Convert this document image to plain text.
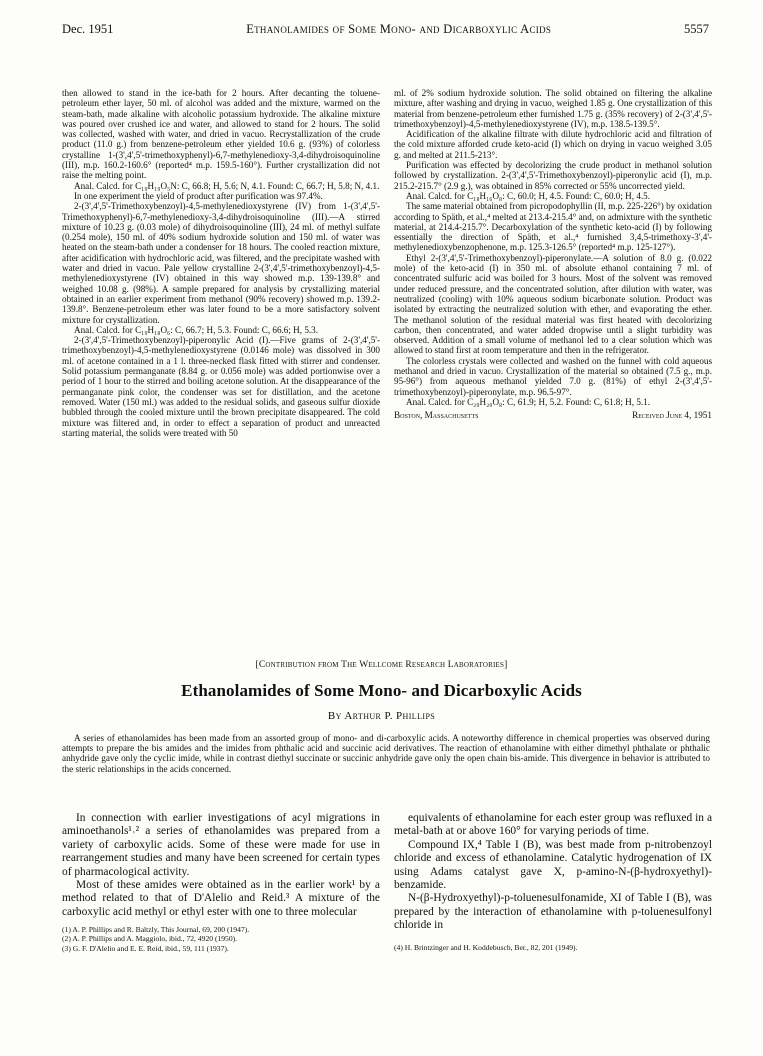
Dec. 1951	Ethanolamides of Some Mono- and Dicarboxylic Acids	5557

then allowed to stand in the ice-bath for 2 hours. After decanting the toluene-petroleum ether layer, 50 ml. of alcohol was added and the mixture, warmed on the steam-bath, made alkaline with alcoholic potassium hydroxide. The alkaline mixture was poured over crushed ice and water, and allowed to stand for 2 hours. The solid was collected, washed with water, and dried in vacuo. Recrystallization of the crude product (11.0 g.) from benzene-petroleum ether yielded 10.6 g. (93%) of colorless crystalline 1-(3',4',5'-trimethoxyphenyl)-6,7-methylenedioxy-3,4-dihydroisoquinoline (III), m.p. 160.2-160.6° (reported⁴ m.p. 159.5-160°). Further crystallization did not raise the melting point.

Anal. Calcd. for C₁₉H₁₉O₅N: C, 66.8; H, 5.6; N, 4.1. Found: C, 66.7; H, 5.8; N, 4.1.

In one experiment the yield of product after purification was 97.4%.

2-(3',4',5'-Trimethoxybenzoyl)-4,5-methylenedioxystyrene (IV) from 1-(3',4',5'-Trimethoxyphenyl)-6,7-methylenedioxy-3,4-dihydroisoquinoline (III).—A stirred mixture of 10.23 g. (0.03 mole) of dihydroisoquinoline (III), 24 ml. of methyl sulfate (0.254 mole), 150 ml. of 40% sodium hydroxide solution and 150 ml. of water was heated on the steam-bath under a condenser for 18 hours. The cooled reaction mixture, after acidification with hydrochloric acid, was filtered, and the precipitate washed with water and dried in vacuo. Pale yellow crystalline 2-(3',4',5'-trimethoxybenzoyl)-4,5-methylenedioxystyrene (IV) obtained in this way showed m.p. 139-139.8° and weighed 10.08 g. (98%). A sample prepared for analysis by crystallizing material obtained in an earlier experiment from methanol (90% recovery) showed m.p. 139.2-139.8°. Benzene-petroleum ether was later found to be a more satisfactory solvent mixture for crystallization.

Anal. Calcd. for C₁₉H₁₈O₆: C, 66.7; H, 5.3. Found: C, 66.6; H, 5.3.

2-(3',4',5'-Trimethoxybenzoyl)-piperonylic Acid (I).—Five grams of 2-(3',4',5'-trimethoxybenzoyl)-4,5-methylenedioxystyrene (0.0146 mole) was dissolved in 300 ml. of acetone contained in a 1 l. three-necked flask fitted with stirrer and condenser. Solid potassium permanganate (8.84 g. or 0.056 mole) was added portionwise over a period of 1 hour to the stirred and boiling acetone solution. At the disappearance of the permanganate pink color, the condenser was set for distillation, and the acetone removed. Water (150 ml.) was added to the residual solids, and gaseous sulfur dioxide bubbled through the cooled mixture until the brown precipitate disappeared. The cold mixture was filtered and, in order to effect a separation of product and unreacted starting material, the solids were treated with 50

ml. of 2% sodium hydroxide solution. The solid obtained on filtering the alkaline mixture, after washing and drying in vacuo, weighed 1.85 g. One crystallization of this material from benzene-petroleum ether furnished 1.75 g. (35% recovery) of 2-(3',4',5'-trimethoxybenzoyl)-4,5-methylenedioxystyrene (IV), m.p. 138.5-139.5°.

Acidification of the alkaline filtrate with dilute hydrochloric acid and filtration of the cold mixture afforded crude keto-acid (I) which on drying in vacuo weighed 3.05 g. and melted at 211.5-213°.

Purification was effected by decolorizing the crude product in methanol solution followed by crystallization. 2-(3',4',5'-Trimethoxybenzoyl)-piperonylic acid (I), m.p. 215.2-215.7° (2.9 g.), was obtained in 85% corrected or 55% uncorrected yield.

Anal. Calcd. for C₁₈H₁₆O₈: C, 60.0; H, 4.5. Found: C, 60.0; H, 4.5.

The same material obtained from picropodophyllin (II, m.p. 225-226°) by oxidation according to Späth, et al.,⁴ melted at 213.4-215.4° and, on admixture with the synthetic material, at 214.4-215.7°. Decarboxylation of the synthetic keto-acid (I) by following essentially the direction of Späth, et al.,⁴ furnished 3,4,5-trimethoxy-3',4'-methylenedioxybenzophenone, m.p. 125.3-126.5° (reported⁴ m.p. 125-127°).

Ethyl 2-(3',4',5'-Trimethoxybenzoyl)-piperonylate.—A solution of 8.0 g. (0.022 mole) of the keto-acid (I) in 350 ml. of absolute ethanol containing 7 ml. of concentrated sulfuric acid was boiled for 3 hours. Most of the solvent was removed under reduced pressure, and the concentrated solution, after dilution with water, was neutralized (cooling) with 10% aqueous sodium bicarbonate solution. Product was isolated by extracting the neutralized solution with ether, and evaporating the ether. The methanol solution of the residual material was first heated with decolorizing carbon, then concentrated, and water added dropwise until a slight turbidity was observed. Addition of a small volume of methanol led to a clear solution which was allowed to stand first at room temperature and then in the refrigerator.

The colorless crystals were collected and washed on the funnel with cold aqueous methanol and dried in vacuo. Crystallization of the material so obtained (7.5 g., m.p. 95-96°) from aqueous methanol yielded 7.0 g. (81%) of ethyl 2-(3',4',5'-trimethoxybenzoyl)-piperonylate, m.p. 96.5-97°.

Anal. Calcd. for C₂₀H₂₀O₈: C, 61.9; H, 5.2. Found: C, 61.8; H, 5.1.

Boston, Massachusetts	Received June 4, 1951
[Contribution from The Wellcome Research Laboratories]
Ethanolamides of Some Mono- and Dicarboxylic Acids
By Arthur P. Phillips

A series of ethanolamides has been made from an assorted group of mono- and di-carboxylic acids. A noteworthy difference in chemical properties was observed during attempts to prepare the bis amides and the imides from phthalic acid and succinic acid derivatives. The reaction of ethanolamine with either dimethyl phthalate or phthalic anhydride gave only the cyclic imide, while in contrast diethyl succinate or succinic anhydride gave only the open chain bis-amide. This divergence in behavior is attributed to the steric relationships in the acids concerned.

In connection with earlier investigations of acyl migrations in aminoethanols¹˒² a series of ethanolamides was prepared from a variety of carboxylic acids. Some of these were made for use in rearrangement studies and many have been screened for certain types of pharmacological activity.

Most of these amides were obtained as in the earlier work¹ by a method related to that of D'Alelio and Reid.³ A mixture of the carboxylic acid methyl or ethyl ester with one to three molecular

(1) A. P. Phillips and R. Baltzly, This Journal, 69, 200 (1947).
(2) A. P. Phillips and A. Maggiolo, ibid., 72, 4920 (1950).
(3) G. F. D'Alelio and E. E. Reid, ibid., 59, 111 (1937).

equivalents of ethanolamine for each ester group was refluxed in a metal-bath at or above 160° for varying periods of time.

Compound IX,⁴ Table I (B), was best made from p-nitrobenzoyl chloride and excess of ethanolamine. Catalytic hydrogenation of IX using Adams catalyst gave X, p-amino-N-(β-hydroxyethyl)-benzamide.

N-(β-Hydroxyethyl)-p-toluenesulfonamide, XI of Table I (B), was prepared by the interaction of ethanolamine with p-toluenesulfonyl chloride in

(4) H. Brintzinger and H. Koddebusch, Ber., 82, 201 (1949).
